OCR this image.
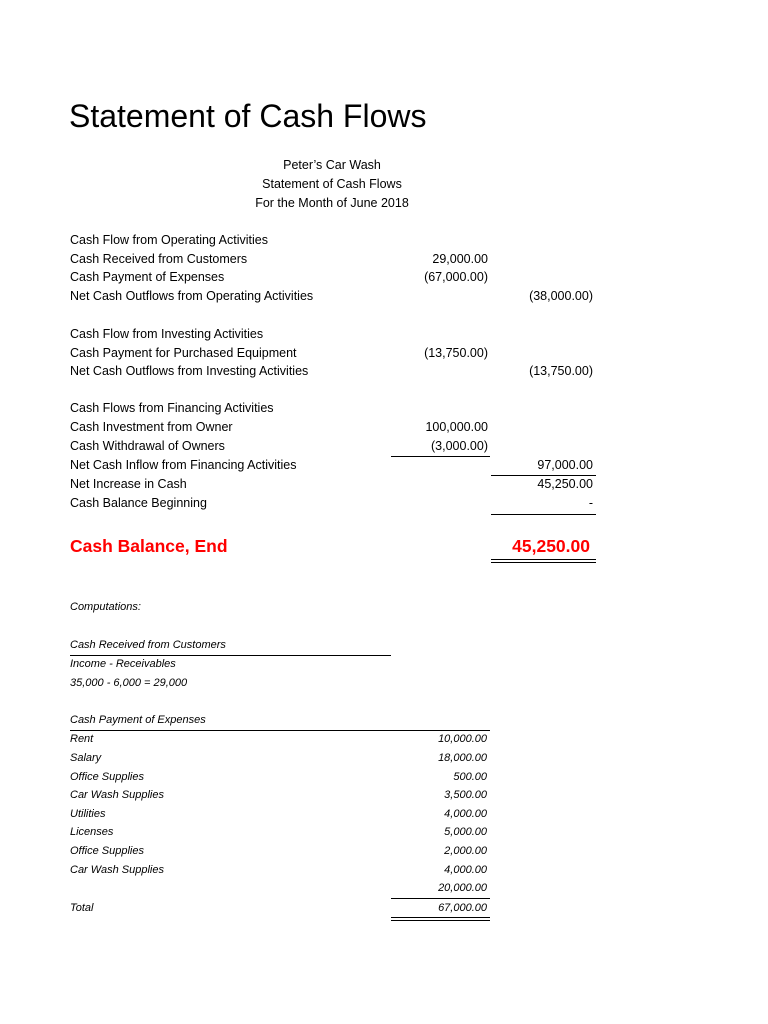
Statement of Cash Flows
Peter’s Car Wash
Statement of Cash Flows
For the Month of June 2018
Cash Flow from Operating Activities
Cash Received from Customers	29,000.00
Cash Payment of Expenses	(67,000.00)
Net Cash Outflows from Operating Activities	(38,000.00)
Cash Flow from Investing Activities
Cash Payment for Purchased Equipment	(13,750.00)
Net Cash Outflows from Investing Activities	(13,750.00)
Cash Flows from Financing Activities
Cash Investment from Owner	100,000.00
Cash Withdrawal of Owners	(3,000.00)
Net Cash Inflow from Financing Activities	97,000.00
Net Increase in Cash	45,250.00
Cash Balance Beginning	-
Cash Balance, End	45,250.00
Computations:
Cash Received from Customers
Income - Receivables
35,000 - 6,000 = 29,000
Cash Payment of Expenses
Rent	10,000.00
Salary	18,000.00
Office Supplies	500.00
Car Wash Supplies	3,500.00
Utilities	4,000.00
Licenses	5,000.00
Office Supplies	2,000.00
Car Wash Supplies	4,000.00
20,000.00
Total	67,000.00
